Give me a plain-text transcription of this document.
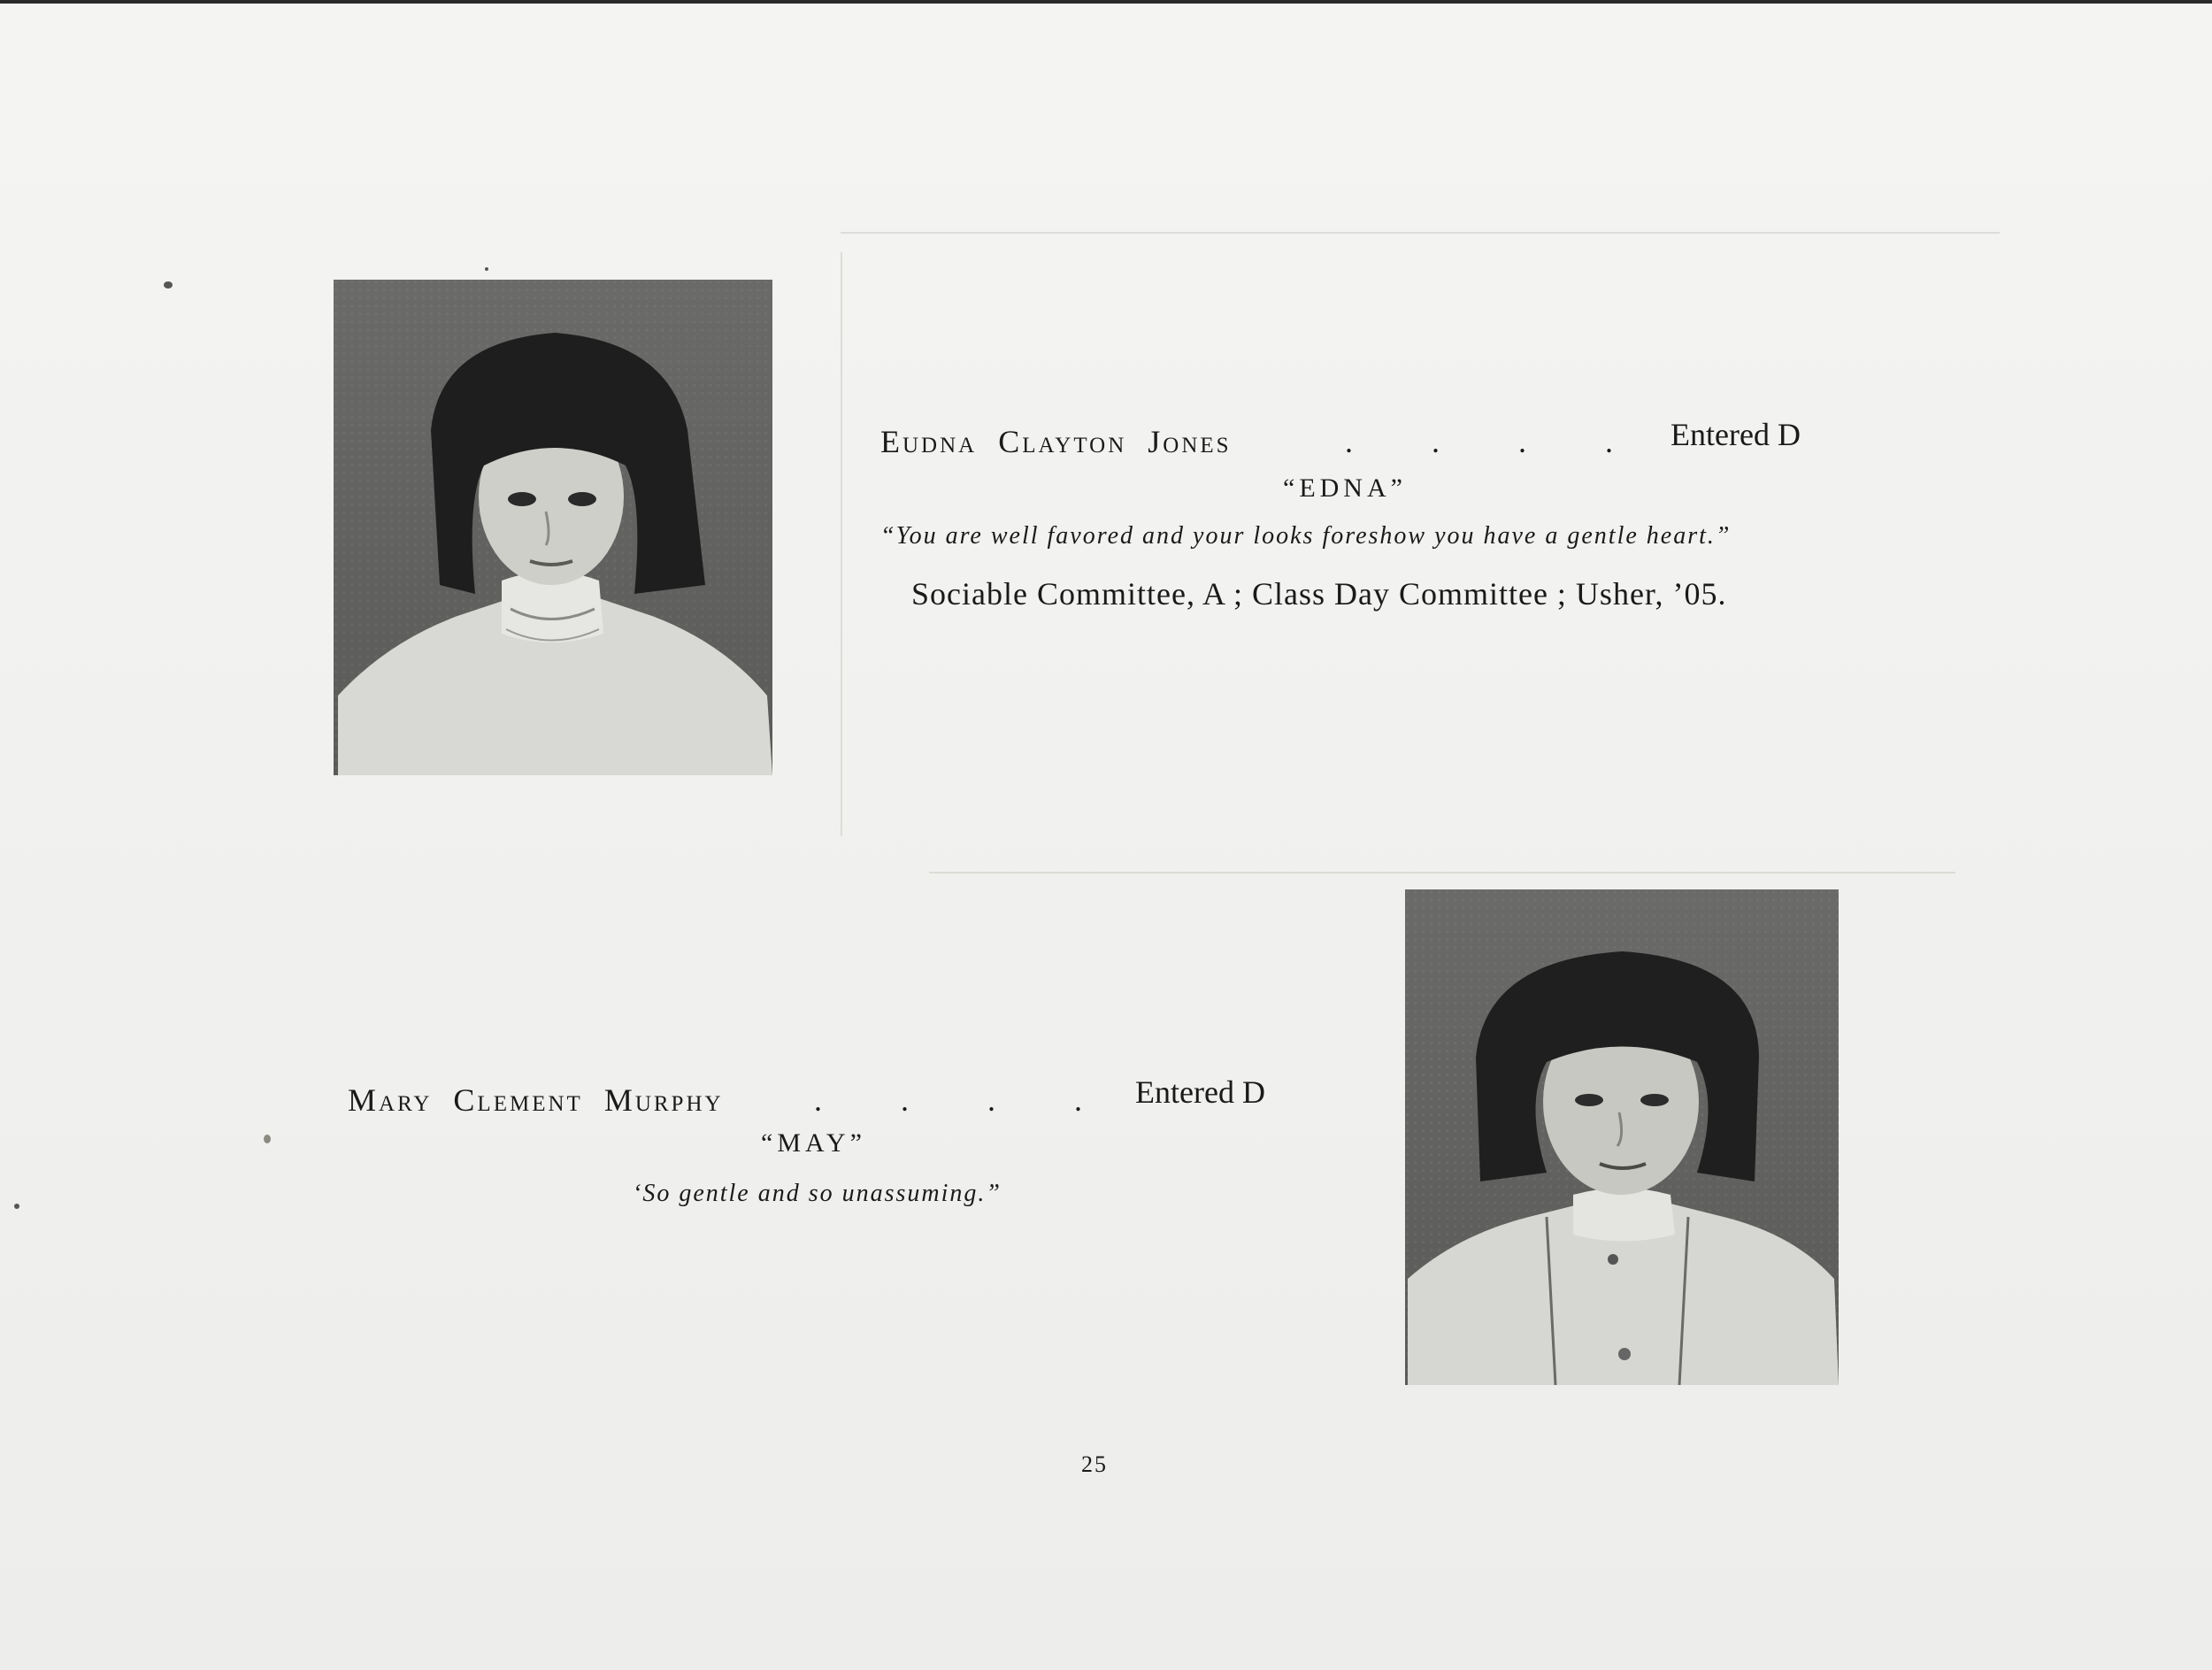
Eudna Clayton Jones	. . . . Entered D
“EDNA”
“You are well favored and your looks foreshow you have a gentle heart.”
Sociable Committee, A ; Class Day Committee ; Usher, ’05.
Mary Clement Murphy	. . . . Entered D
“MAY”
‘So gentle and so unassuming.”
25
